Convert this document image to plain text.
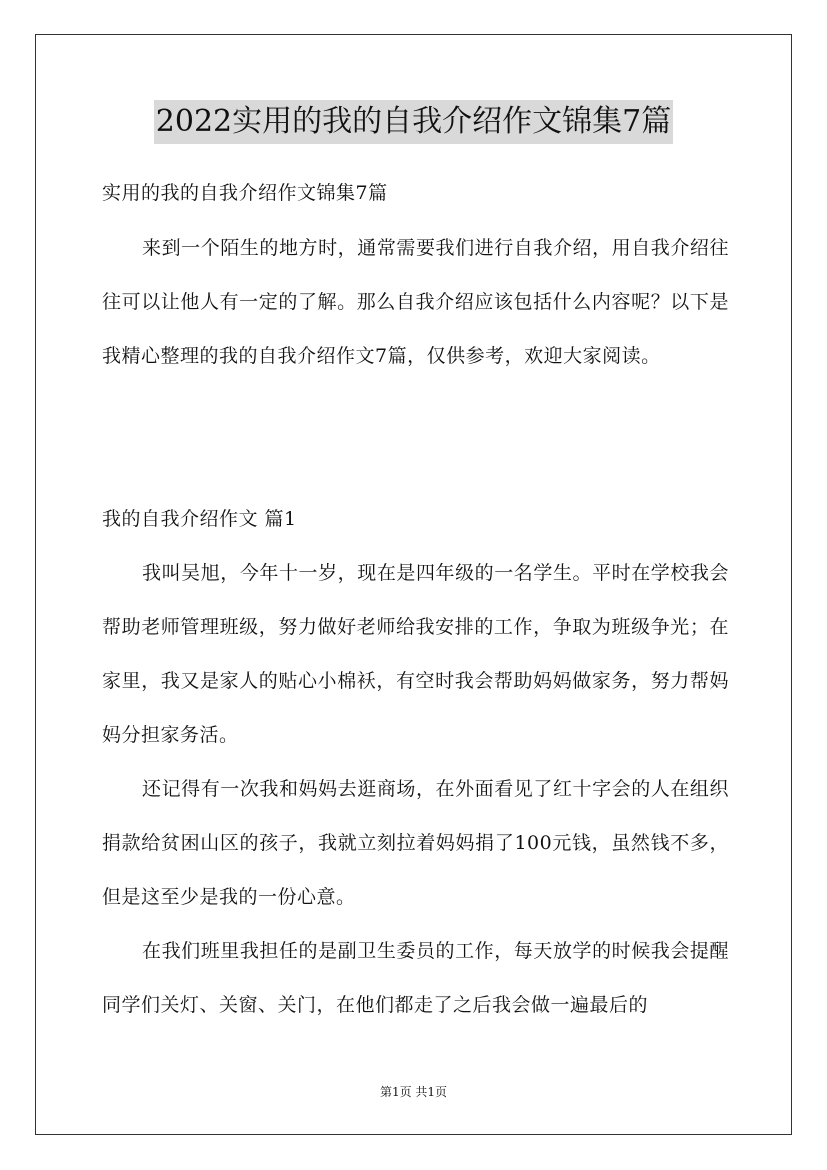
2022实用的我的自我介绍作文锦集7篇

实用的我的自我介绍作文锦集7篇

来到一个陌生的地方时，通常需要我们进行自我介绍，用自我介绍往往可以让他人有一定的了解。那么自我介绍应该包括什么内容呢？以下是我精心整理的我的自我介绍作文7篇，仅供参考，欢迎大家阅读。

我的自我介绍作文 篇1

我叫吴旭，今年十一岁，现在是四年级的一名学生。平时在学校我会帮助老师管理班级，努力做好老师给我安排的工作，争取为班级争光；在家里，我又是家人的贴心小棉袄，有空时我会帮助妈妈做家务，努力帮妈妈分担家务活。

还记得有一次我和妈妈去逛商场，在外面看见了红十字会的人在组织捐款给贫困山区的孩子，我就立刻拉着妈妈捐了100元钱，虽然钱不多，但是这至少是我的一份心意。

在我们班里我担任的是副卫生委员的工作，每天放学的时候我会提醒同学们关灯、关窗、关门，在他们都走了之后我会做一遍最后的

第1页 共1页
